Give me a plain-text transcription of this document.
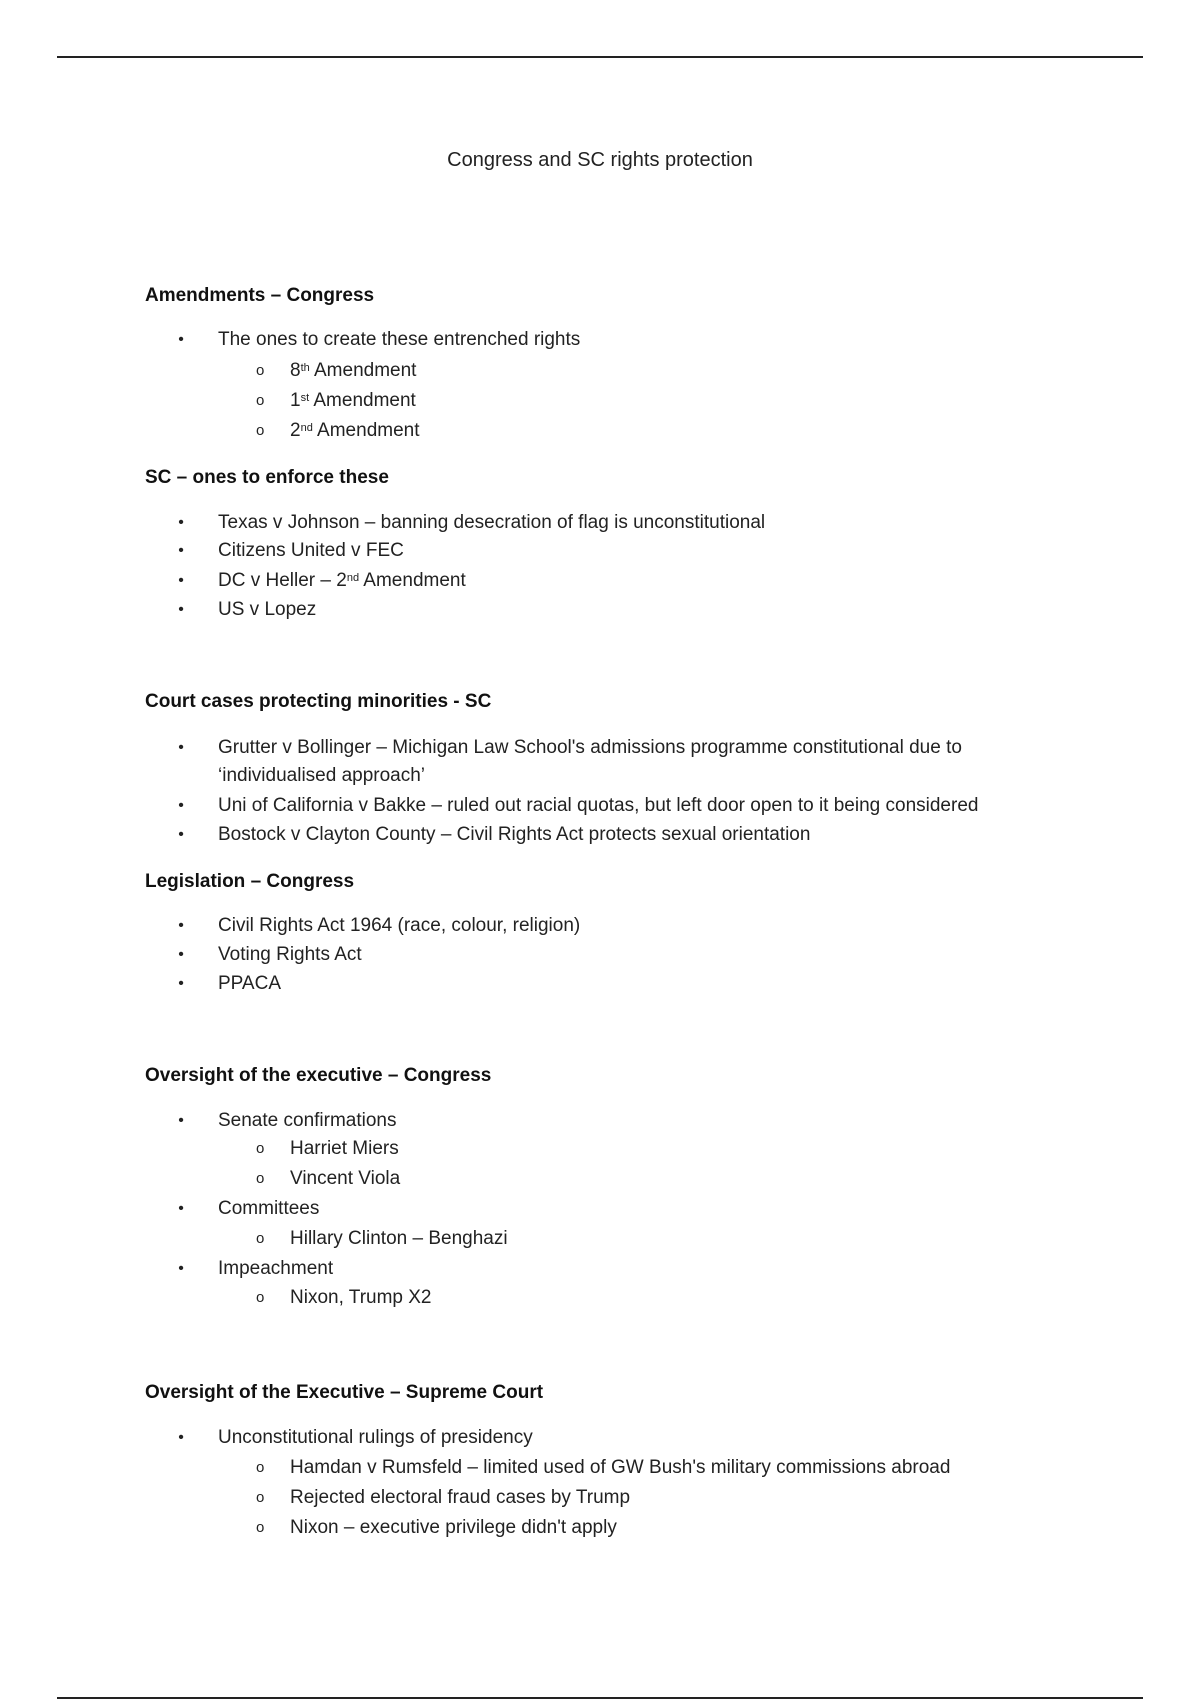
Congress and SC rights protection
Amendments – Congress
• The ones to create these entrenched rights
o 8th Amendment
o 1st Amendment
o 2nd Amendment
SC – ones to enforce these
• Texas v Johnson – banning desecration of flag is unconstitutional
• Citizens United v FEC
• DC v Heller – 2nd Amendment
• US v Lopez
Court cases protecting minorities - SC
• Grutter v Bollinger – Michigan Law School's admissions programme constitutional due to ‘individualised approach’
• Uni of California v Bakke – ruled out racial quotas, but left door open to it being considered
• Bostock v Clayton County – Civil Rights Act protects sexual orientation
Legislation – Congress
• Civil Rights Act 1964 (race, colour, religion)
• Voting Rights Act
• PPACA
Oversight of the executive – Congress
• Senate confirmations
o Harriet Miers
o Vincent Viola
• Committees
o Hillary Clinton – Benghazi
• Impeachment
o Nixon, Trump X2
Oversight of the Executive – Supreme Court
• Unconstitutional rulings of presidency
o Hamdan v Rumsfeld – limited used of GW Bush's military commissions abroad
o Rejected electoral fraud cases by Trump
o Nixon – executive privilege didn't apply
